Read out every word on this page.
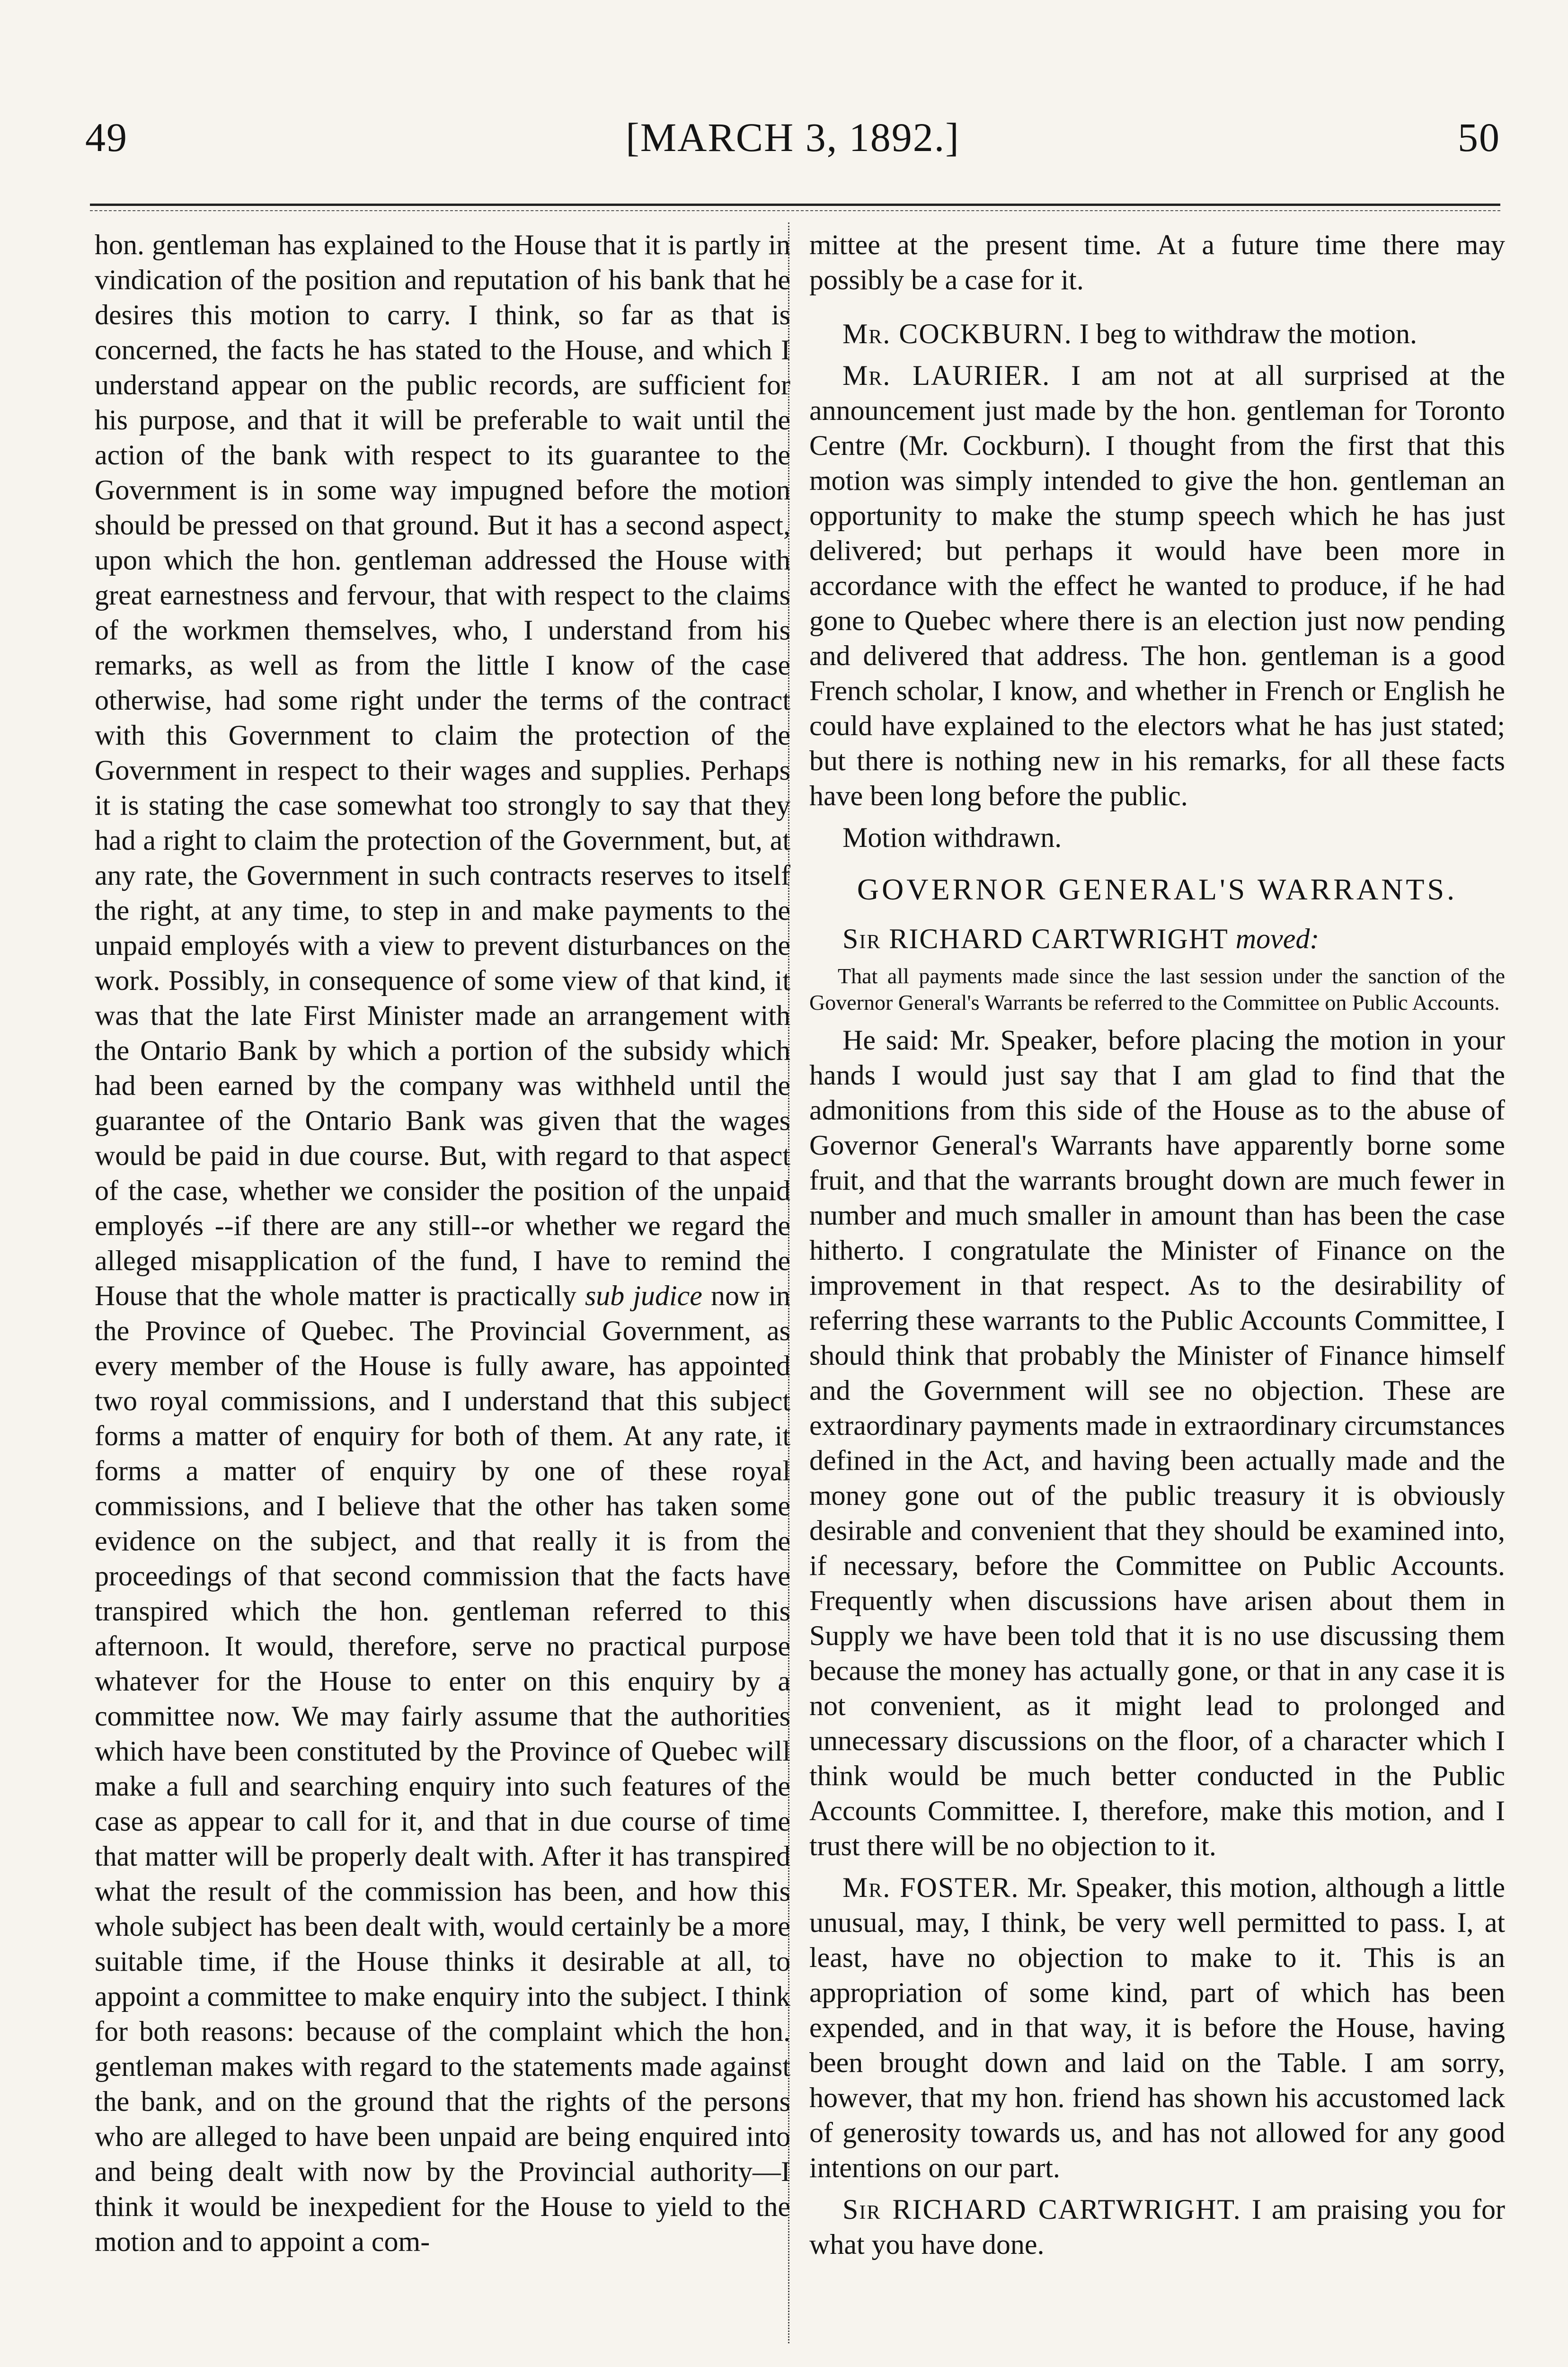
49	[MARCH 3, 1892.]	50

hon. gentleman has explained to the House that it is partly in vindication of the position and reputation of his bank that he desires this motion to carry. I think, so far as that is concerned, the facts he has stated to the House, and which I understand appear on the public records, are sufficient for his purpose, and that it will be preferable to wait until the action of the bank with respect to its guarantee to the Government is in some way impugned before the motion should be pressed on that ground. But it has a second aspect, upon which the hon. gentleman addressed the House with great earnestness and fervour, that with respect to the claims of the workmen themselves, who, I understand from his remarks, as well as from the little I know of the case otherwise, had some right under the terms of the contract with this Government to claim the protection of the Government in respect to their wages and supplies. Perhaps it is stating the case somewhat too strongly to say that they had a right to claim the protection of the Government, but, at any rate, the Government in such contracts reserves to itself the right, at any time, to step in and make payments to the unpaid employés with a view to prevent disturbances on the work. Possibly, in consequence of some view of that kind, it was that the late First Minister made an arrangement with the Ontario Bank by which a portion of the subsidy which had been earned by the company was withheld until the guarantee of the Ontario Bank was given that the wages would be paid in due course. But, with regard to that aspect of the case, whether we consider the position of the unpaid employés --if there are any still--or whether we regard the alleged misapplication of the fund, I have to remind the House that the whole matter is practically sub judice now in the Province of Quebec. The Provincial Government, as every member of the House is fully aware, has appointed two royal commissions, and I understand that this subject forms a matter of enquiry for both of them. At any rate, it forms a matter of enquiry by one of these royal commissions, and I believe that the other has taken some evidence on the subject, and that really it is from the proceedings of that second commission that the facts have transpired which the hon. gentleman referred to this afternoon. It would, therefore, serve no practical purpose whatever for the House to enter on this enquiry by a committee now. We may fairly assume that the authorities which have been constituted by the Province of Quebec will make a full and searching enquiry into such features of the case as appear to call for it, and that in due course of time that matter will be properly dealt with. After it has transpired what the result of the commission has been, and how this whole subject has been dealt with, would certainly be a more suitable time, if the House thinks it desirable at all, to appoint a committee to make enquiry into the subject. I think for both reasons: because of the complaint which the hon. gentleman makes with regard to the statements made against the bank, and on the ground that the rights of the persons who are alleged to have been unpaid are being enquired into and being dealt with now by the Provincial authority—I think it would be inexpedient for the House to yield to the motion and to appoint a com-

mittee at the present time. At a future time there may possibly be a case for it.

Mr. COCKBURN. I beg to withdraw the motion.

Mr. LAURIER. I am not at all surprised at the announcement just made by the hon. gentleman for Toronto Centre (Mr. Cockburn). I thought from the first that this motion was simply intended to give the hon. gentleman an opportunity to make the stump speech which he has just delivered; but perhaps it would have been more in accordance with the effect he wanted to produce, if he had gone to Quebec where there is an election just now pending and delivered that address. The hon. gentleman is a good French scholar, I know, and whether in French or English he could have explained to the electors what he has just stated; but there is nothing new in his remarks, for all these facts have been long before the public.

Motion withdrawn.

GOVERNOR GENERAL'S WARRANTS.

Sir RICHARD CARTWRIGHT moved:

That all payments made since the last session under the sanction of the Governor General's Warrants be referred to the Committee on Public Accounts.

He said: Mr. Speaker, before placing the motion in your hands I would just say that I am glad to find that the admonitions from this side of the House as to the abuse of Governor General's Warrants have apparently borne some fruit, and that the warrants brought down are much fewer in number and much smaller in amount than has been the case hitherto. I congratulate the Minister of Finance on the improvement in that respect. As to the desirability of referring these warrants to the Public Accounts Committee, I should think that probably the Minister of Finance himself and the Government will see no objection. These are extraordinary payments made in extraordinary circumstances defined in the Act, and having been actually made and the money gone out of the public treasury it is obviously desirable and convenient that they should be examined into, if necessary, before the Committee on Public Accounts. Frequently when discussions have arisen about them in Supply we have been told that it is no use discussing them because the money has actually gone, or that in any case it is not convenient, as it might lead to prolonged and unnecessary discussions on the floor, of a character which I think would be much better conducted in the Public Accounts Committee. I, therefore, make this motion, and I trust there will be no objection to it.

Mr. FOSTER. Mr. Speaker, this motion, although a little unusual, may, I think, be very well permitted to pass. I, at least, have no objection to make to it. This is an appropriation of some kind, part of which has been expended, and in that way, it is before the House, having been brought down and laid on the Table. I am sorry, however, that my hon. friend has shown his accustomed lack of generosity towards us, and has not allowed for any good intentions on our part.

Sir RICHARD CARTWRIGHT. I am praising you for what you have done.
